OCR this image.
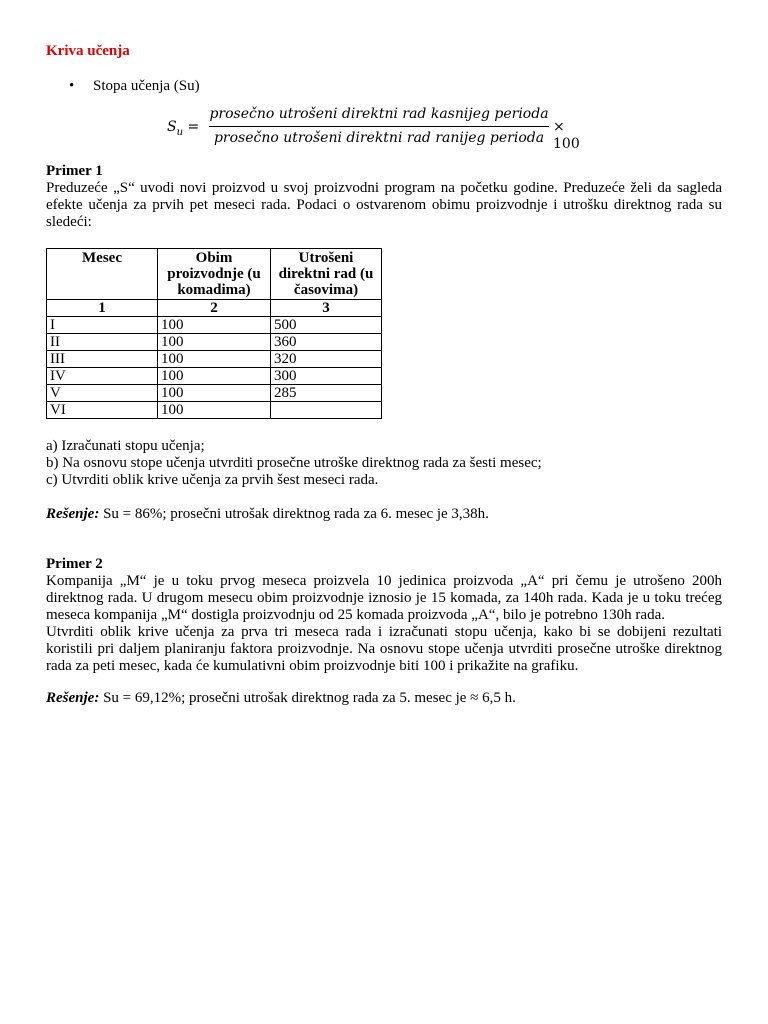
Kriva učenja
• Stopa učenja (Su)
$S_u$ =
prosečno utrošeni direktni rad kasnijeg perioda
prosečno utrošeni direktni rad ranijeg perioda
× 100
Primer 1
Preduzeće „S“ uvodi novi proizvod u svoj proizvodni program na početku godine. Preduzeće želi da sagleda efekte učenja za prvih pet meseci rada. Podaci o ostvarenom obimu proizvodnje i utrošku direktnog rada su sledeći:
Mesec	Obim proizvodnje (u komadima)	Utrošeni direktni rad (u časovima)
1	2	3
I	100	500
II	100	360
III	100	320
IV	100	300
V	100	285
VI	100	
a) Izračunati stopu učenja;
b) Na osnovu stope učenja utvrditi prosečne utroške direktnog rada za šesti mesec;
c) Utvrditi oblik krive učenja za prvih šest meseci rada.
Rešenje: Su = 86%; prosečni utrošak direktnog rada za 6. mesec je 3,38h.
Primer 2
Kompanija „M“ je u toku prvog meseca proizvela 10 jedinica proizvoda „A“ pri čemu je utrošeno 200h direktnog rada. U drugom mesecu obim proizvodnje iznosio je 15 komada, za 140h rada. Kada je u toku trećeg meseca kompanija „M“ dostigla proizvodnju od 25 komada proizvoda „A“, bilo je potrebno 130h rada.
Utvrditi oblik krive učenja za prva tri meseca rada i izračunati stopu učenja, kako bi se dobijeni rezultati koristili pri daljem planiranju faktora proizvodnje. Na osnovu stope učenja utvrditi prosečne utroške direktnog rada za peti mesec, kada će kumulativni obim proizvodnje biti 100 i prikažite na grafiku.
Rešenje: Su = 69,12%; prosečni utrošak direktnog rada za 5. mesec je ≈ 6,5 h.
